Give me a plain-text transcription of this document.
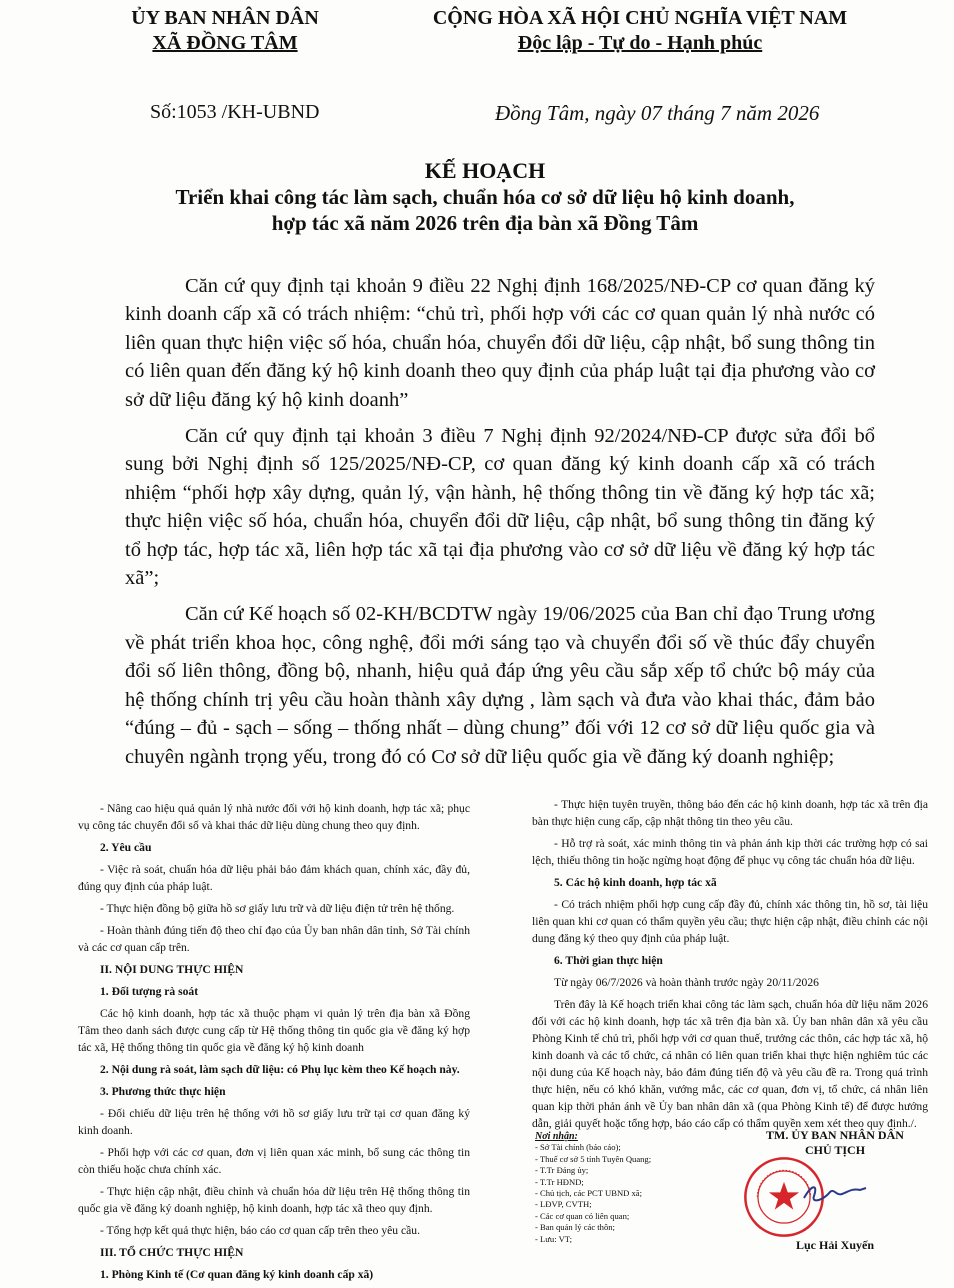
ỦY BAN NHÂN DÂN
XÃ ĐỒNG TÂM
CỘNG HÒA XÃ HỘI CHỦ NGHĨA VIỆT NAM
Độc lập - Tự do - Hạnh phúc
Số:1053 /KH-UBND	Đồng Tâm, ngày 07 tháng 7 năm 2026
KẾ HOẠCH
Triển khai công tác làm sạch, chuẩn hóa cơ sở dữ liệu hộ kinh doanh,
hợp tác xã năm 2026 trên địa bàn xã Đồng Tâm

Căn cứ quy định tại khoản 9 điều 22 Nghị định 168/2025/NĐ-CP cơ quan đăng ký kinh doanh cấp xã có trách nhiệm: “chủ trì, phối hợp với các cơ quan quản lý nhà nước có liên quan thực hiện việc số hóa, chuẩn hóa, chuyển đổi dữ liệu, cập nhật, bổ sung thông tin có liên quan đến đăng ký hộ kinh doanh theo quy định của pháp luật tại địa phương vào cơ sở dữ liệu đăng ký hộ kinh doanh”

Căn cứ quy định tại khoản 3 điều 7 Nghị định 92/2024/NĐ-CP được sửa đổi bổ sung bởi Nghị định số 125/2025/NĐ-CP, cơ quan đăng ký kinh doanh cấp xã có trách nhiệm “phối hợp xây dựng, quản lý, vận hành, hệ thống thông tin về đăng ký hợp tác xã; thực hiện việc số hóa, chuẩn hóa, chuyển đổi dữ liệu, cập nhật, bổ sung thông tin đăng ký tổ hợp tác, hợp tác xã, liên hợp tác xã tại địa phương vào cơ sở dữ liệu về đăng ký hợp tác xã”;

Căn cứ Kế hoạch số 02-KH/BCDTW ngày 19/06/2025 của Ban chỉ đạo Trung ương về phát triển khoa học, công nghệ, đổi mới sáng tạo và chuyển đổi số về thúc đẩy chuyển đổi số liên thông, đồng bộ, nhanh, hiệu quả đáp ứng yêu cầu sắp xếp tổ chức bộ máy của hệ thống chính trị yêu cầu hoàn thành xây dựng , làm sạch và đưa vào khai thác, đảm bảo “đúng – đủ - sạch – sống – thống nhất – dùng chung” đối với 12 cơ sở dữ liệu quốc gia và chuyên ngành trọng yếu, trong đó có Cơ sở dữ liệu quốc gia về đăng ký doanh nghiệp;

- Nâng cao hiệu quả quản lý nhà nước đối với hộ kinh doanh, hợp tác xã; phục vụ công tác chuyển đổi số và khai thác dữ liệu dùng chung theo quy định.

2. Yêu cầu

- Việc rà soát, chuẩn hóa dữ liệu phải bảo đảm khách quan, chính xác, đầy đủ, đúng quy định của pháp luật.

- Thực hiện đồng bộ giữa hồ sơ giấy lưu trữ và dữ liệu điện tử trên hệ thống.

- Hoàn thành đúng tiến độ theo chỉ đạo của Ủy ban nhân dân tỉnh, Sở Tài chính và các cơ quan cấp trên.

II. NỘI DUNG THỰC HIỆN

1. Đối tượng rà soát

Các hộ kinh doanh, hợp tác xã thuộc phạm vi quản lý trên địa bàn xã Đồng Tâm theo danh sách được cung cấp từ Hệ thống thông tin quốc gia về đăng ký hợp tác xã, Hệ thống thông tin quốc gia về đăng ký hộ kinh doanh

2. Nội dung rà soát, làm sạch dữ liệu: có Phụ lục kèm theo Kế hoạch này.

3. Phương thức thực hiện

- Đối chiếu dữ liệu trên hệ thống với hồ sơ giấy lưu trữ tại cơ quan đăng ký kinh doanh.

- Phối hợp với các cơ quan, đơn vị liên quan xác minh, bổ sung các thông tin còn thiếu hoặc chưa chính xác.

- Thực hiện cập nhật, điều chỉnh và chuẩn hóa dữ liệu trên Hệ thống thông tin quốc gia về đăng ký doanh nghiệp, hộ kinh doanh, hợp tác xã theo quy định.

- Tổng hợp kết quả thực hiện, báo cáo cơ quan cấp trên theo yêu cầu.

III. TỔ CHỨC THỰC HIỆN

1. Phòng Kinh tế (Cơ quan đăng ký kinh doanh cấp xã)

- Thực hiện tuyên truyền, thông báo đến các hộ kinh doanh, hợp tác xã trên địa bàn thực hiện cung cấp, cập nhật thông tin theo yêu cầu.

- Hỗ trợ rà soát, xác minh thông tin và phản ánh kịp thời các trường hợp có sai lệch, thiếu thông tin hoặc ngừng hoạt động để phục vụ công tác chuẩn hóa dữ liệu.

5. Các hộ kinh doanh, hợp tác xã

- Có trách nhiệm phối hợp cung cấp đầy đủ, chính xác thông tin, hồ sơ, tài liệu liên quan khi cơ quan có thẩm quyền yêu cầu; thực hiện cập nhật, điều chỉnh các nội dung đăng ký theo quy định của pháp luật.

6. Thời gian thực hiện

Từ ngày 06/7/2026 và hoàn thành trước ngày 20/11/2026

Trên đây là Kế hoạch triển khai công tác làm sạch, chuẩn hóa dữ liệu năm 2026 đối với các hộ kinh doanh, hợp tác xã trên địa bàn xã. Ủy ban nhân dân xã yêu cầu Phòng Kinh tế chủ trì, phối hợp với cơ quan thuế, trưởng các thôn, các hợp tác xã, hộ kinh doanh và các tổ chức, cá nhân có liên quan triển khai thực hiện nghiêm túc các nội dung của Kế hoạch này, bảo đảm đúng tiến độ và yêu cầu đề ra. Trong quá trình thực hiện, nếu có khó khăn, vướng mắc, các cơ quan, đơn vị, tổ chức, cá nhân liên quan kịp thời phản ánh về Ủy ban nhân dân xã (qua Phòng Kinh tế) để được hướng dẫn, giải quyết hoặc tổng hợp, báo cáo cấp có thẩm quyền xem xét theo quy định./.

Nơi nhận:
- Sở Tài chính (báo cáo);
- Thuế cơ sở 5 tỉnh Tuyên Quang;
- T.Tr Đảng ủy;
- T.Tr HĐND;
- Chủ tịch, các PCT UBND xã;
- LĐVP, CVTH;
- Các cơ quan có liên quan;
- Ban quản lý các thôn;
- Lưu: VT;
TM. ỦY BAN NHÂN DÂN
CHỦ TỊCH
Lục Hải Xuyến
